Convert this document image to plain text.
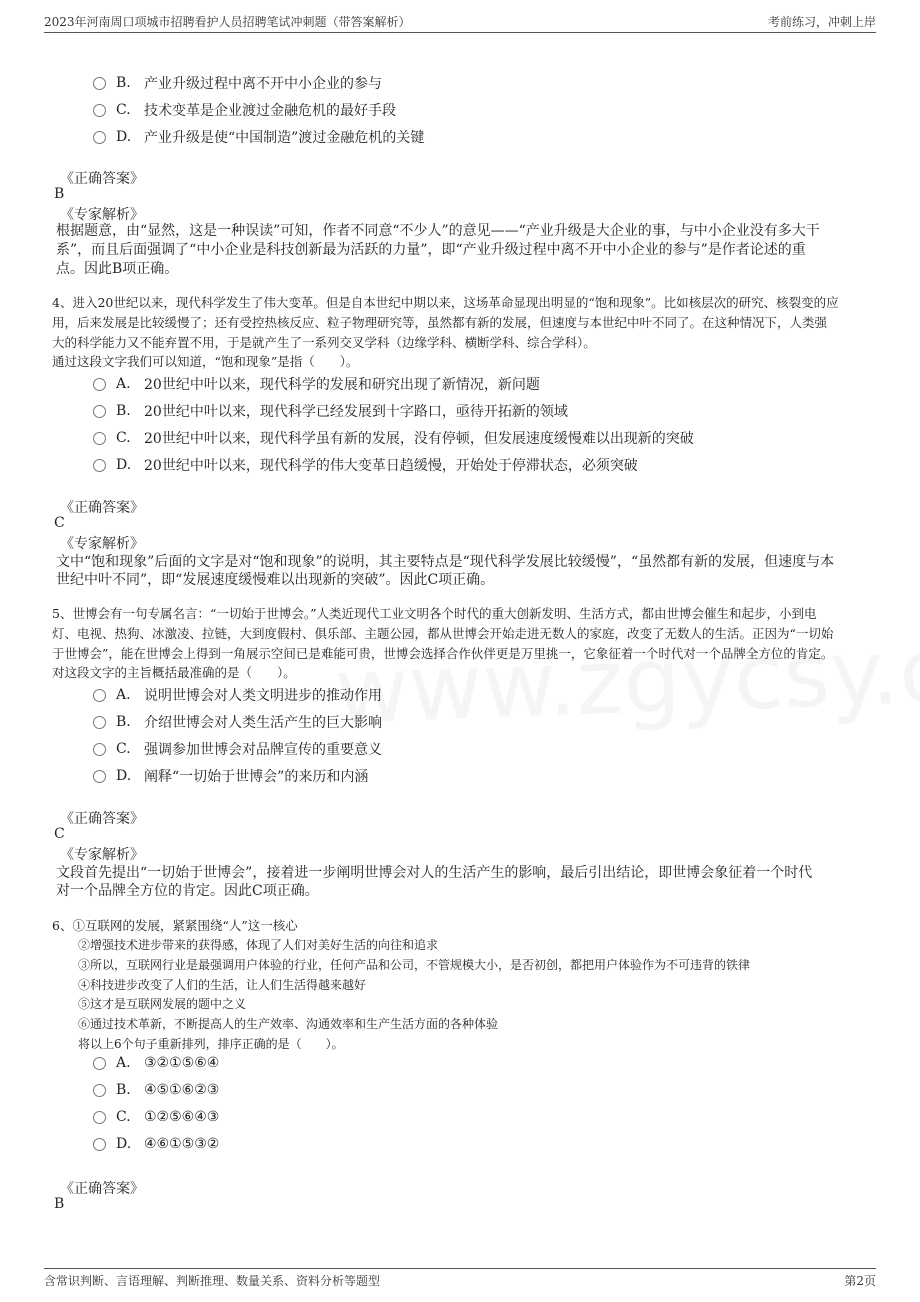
2023年河南周口项城市招聘看护人员招聘笔试冲刺题（带答案解析）	考前练习，冲刺上岸
B. 产业升级过程中离不开中小企业的参与
C. 技术变革是企业渡过金融危机的最好手段
D. 产业升级是使“中国制造”渡过金融危机的关键
《正确答案》
B
《专家解析》
根据题意，由“显然，这是一种误读”可知，作者不同意“不少人”的意见——“产业升级是大企业的事，与中小企业没有多大干
系”，而且后面强调了“中小企业是科技创新最为活跃的力量”，即“产业升级过程中离不开中小企业的参与”是作者论述的重
点。因此B项正确。
4、进入20世纪以来，现代科学发生了伟大变革。但是自本世纪中期以来，这场革命显现出明显的“饱和现象”。比如核层次的研究、核裂变的应
用，后来发展是比较缓慢了；还有受控热核反应、粒子物理研究等，虽然都有新的发展，但速度与本世纪中叶不同了。在这种情况下，人类强
大的科学能力又不能弃置不用，于是就产生了一系列交叉学科（边缘学科、横断学科、综合学科）。
通过这段文字我们可以知道，“饱和现象”是指（　　）。
A. 20世纪中叶以来，现代科学的发展和研究出现了新情况，新问题
B. 20世纪中叶以来，现代科学已经发展到十字路口，亟待开拓新的领域
C. 20世纪中叶以来，现代科学虽有新的发展，没有停顿，但发展速度缓慢难以出现新的突破
D. 20世纪中叶以来，现代科学的伟大变革日趋缓慢，开始处于停滞状态，必须突破
《正确答案》
C
《专家解析》
文中“饱和现象”后面的文字是对“饱和现象”的说明，其主要特点是“现代科学发展比较缓慢”，“虽然都有新的发展，但速度与本
世纪中叶不同”，即“发展速度缓慢难以出现新的突破”。因此C项正确。
5、世博会有一句专属名言：“一切始于世博会。”人类近现代工业文明各个时代的重大创新发明、生活方式，都由世博会催生和起步，小到电
灯、电视、热狗、冰激凌、拉链，大到度假村、俱乐部、主题公园，都从世博会开始走进无数人的家庭，改变了无数人的生活。正因为“一切始
于世博会”，能在世博会上得到一角展示空间已是难能可贵，世博会选择合作伙伴更是万里挑一，它象征着一个时代对一个品牌全方位的肯定。
对这段文字的主旨概括最准确的是（　　）。
A. 说明世博会对人类文明进步的推动作用
B. 介绍世博会对人类生活产生的巨大影响
C. 强调参加世博会对品牌宣传的重要意义
D. 阐释“一切始于世博会”的来历和内涵
《正确答案》
C
《专家解析》
文段首先提出“一切始于世博会”，接着进一步阐明世博会对人的生活产生的影响，最后引出结论，即世博会象征着一个时代
对一个品牌全方位的肯定。因此C项正确。
6、①互联网的发展，紧紧围绕“人”这一核心
②增强技术进步带来的获得感，体现了人们对美好生活的向往和追求
③所以，互联网行业是最强调用户体验的行业，任何产品和公司，不管规模大小，是否初创，都把用户体验作为不可违背的铁律
④科技进步改变了人们的生活，让人们生活得越来越好
⑤这才是互联网发展的题中之义
⑥通过技术革新，不断提高人的生产效率、沟通效率和生产生活方面的各种体验
将以上6个句子重新排列，排序正确的是（　　）。
A. ③②①⑤⑥④
B. ④⑤①⑥②③
C. ①②⑤⑥④③
D. ④⑥①⑤③②
《正确答案》
B
含常识判断、言语理解、判断推理、数量关系、资料分析等题型	第2页
